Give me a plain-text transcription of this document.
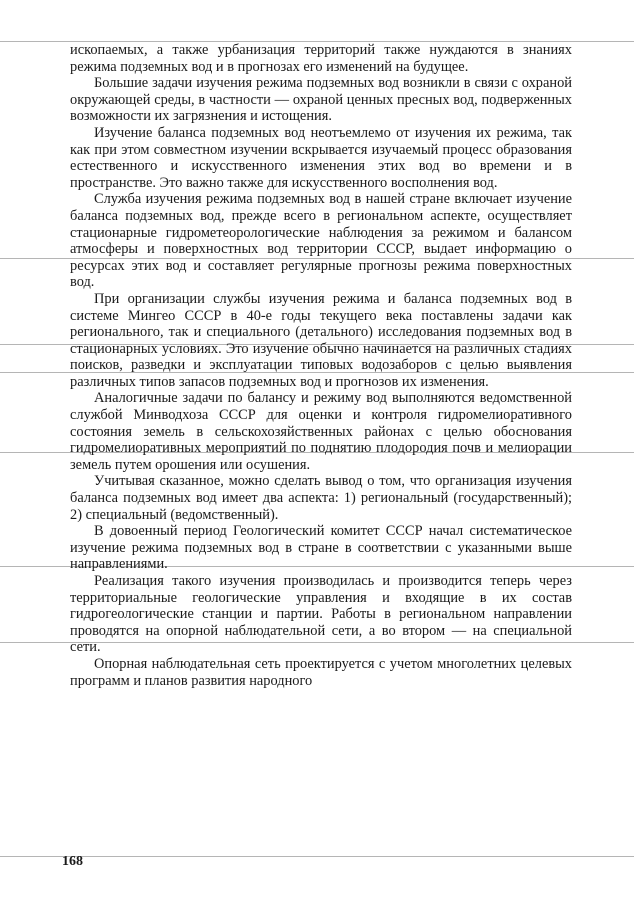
ископаемых, а также урбанизация территорий также нуждаются в знаниях режима подземных вод и в прогнозах его изменений на будущее.

Большие задачи изучения режима подземных вод возникли в связи с охраной окружающей среды, в частности — охраной ценных пресных вод, подверженных возможности их загрязнения и истощения.

Изучение баланса подземных вод неотъемлемо от изучения их режима, так как при этом совместном изучении вскрывается изучаемый процесс образования естественного и искусственного изменения этих вод во времени и в пространстве. Это важно также для искусственного восполнения вод.

Служба изучения режима подземных вод в нашей стране включает изучение баланса подземных вод, прежде всего в региональном аспекте, осуществляет стационарные гидрометеорологические наблюдения за режимом и балансом атмосферы и поверхностных вод территории СССР, выдает информацию о ресурсах этих вод и составляет регулярные прогнозы режима поверхностных вод.

При организации службы изучения режима и баланса подземных вод в системе Мингео СССР в 40-е годы текущего века поставлены задачи как регионального, так и специального (детального) исследования подземных вод в стационарных условиях. Это изучение обычно начинается на различных стадиях поисков, разведки и эксплуатации типовых водозаборов с целью выявления различных типов запасов подземных вод и прогнозов их изменения.

Аналогичные задачи по балансу и режиму вод выполняются ведомственной службой Минводхоза СССР для оценки и контроля гидромелиоративного состояния земель в сельскохозяйственных районах с целью обоснования гидромелиоративных мероприятий по поднятию плодородия почв и мелиорации земель путем орошения или осушения.

Учитывая сказанное, можно сделать вывод о том, что организация изучения баланса подземных вод имеет два аспекта: 1) региональный (государственный); 2) специальный (ведомственный).

В довоенный период Геологический комитет СССР начал систематическое изучение режима подземных вод в стране в соответствии с указанными выше направлениями.

Реализация такого изучения производилась и производится теперь через территориальные геологические управления и входящие в их состав гидрогеологические станции и партии. Работы в региональном направлении проводятся на опорной наблюдательной сети, а во втором — на специальной сети.

Опорная наблюдательная сеть проектируется с учетом многолетних целевых программ и планов развития народного

168
